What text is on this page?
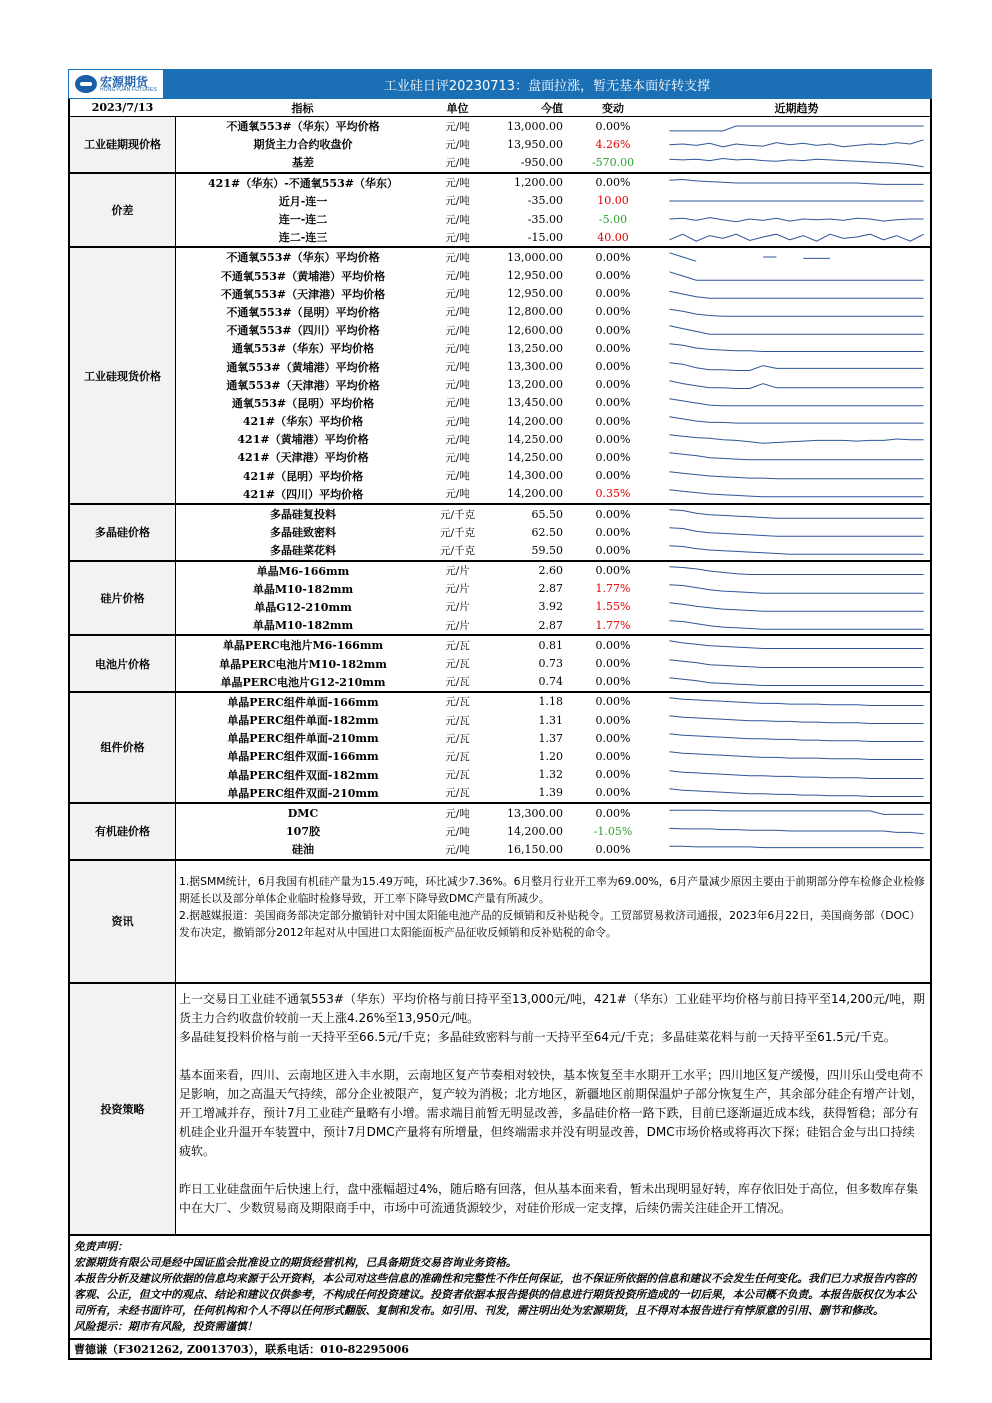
宏源期货
HONGYUAN FUTURES	工业硅日评20230713：盘面拉涨，暂无基本面好转支撑
2023/7/13	指标	单位	今值	变动	近期趋势
工业硅期现价格
不通氧553#（华东）平均价格	元/吨	13,000.00	0.00%
期货主力合约收盘价	元/吨	13,950.00	4.26%
基差	元/吨	-950.00	-570.00
价差
421#（华东）-不通氧553#（华东）	元/吨	1,200.00	0.00%
近月-连一	元/吨	-35.00	10.00
连一-连二	元/吨	-35.00	-5.00
连二-连三	元/吨	-15.00	40.00
工业硅现货价格
不通氧553#（华东）平均价格	元/吨	13,000.00	0.00%
不通氧553#（黄埔港）平均价格	元/吨	12,950.00	0.00%
不通氧553#（天津港）平均价格	元/吨	12,950.00	0.00%
不通氧553#（昆明）平均价格	元/吨	12,800.00	0.00%
不通氧553#（四川）平均价格	元/吨	12,600.00	0.00%
通氧553#（华东）平均价格	元/吨	13,250.00	0.00%
通氧553#（黄埔港）平均价格	元/吨	13,300.00	0.00%
通氧553#（天津港）平均价格	元/吨	13,200.00	0.00%
通氧553#（昆明）平均价格	元/吨	13,450.00	0.00%
421#（华东）平均价格	元/吨	14,200.00	0.00%
421#（黄埔港）平均价格	元/吨	14,250.00	0.00%
421#（天津港）平均价格	元/吨	14,250.00	0.00%
421#（昆明）平均价格	元/吨	14,300.00	0.00%
421#（四川）平均价格	元/吨	14,200.00	0.35%
多晶硅价格
多晶硅复投料	元/千克	65.50	0.00%
多晶硅致密料	元/千克	62.50	0.00%
多晶硅菜花料	元/千克	59.50	0.00%
硅片价格
单晶M6-166mm	元/片	2.60	0.00%
单晶M10-182mm	元/片	2.87	1.77%
单晶G12-210mm	元/片	3.92	1.55%
单晶M10-182mm	元/片	2.87	1.77%
电池片价格
单晶PERC电池片M6-166mm	元/瓦	0.81	0.00%
单晶PERC电池片M10-182mm	元/瓦	0.73	0.00%
单晶PERC电池片G12-210mm	元/瓦	0.74	0.00%
组件价格
单晶PERC组件单面-166mm	元/瓦	1.18	0.00%
单晶PERC组件单面-182mm	元/瓦	1.31	0.00%
单晶PERC组件单面-210mm	元/瓦	1.37	0.00%
单晶PERC组件双面-166mm	元/瓦	1.20	0.00%
单晶PERC组件双面-182mm	元/瓦	1.32	0.00%
单晶PERC组件双面-210mm	元/瓦	1.39	0.00%
有机硅价格
DMC	元/吨	13,300.00	0.00%
107胶	元/吨	14,200.00	-1.05%
硅油	元/吨	16,150.00	0.00%
资讯

1.据SMM统计，6月我国有机硅产量为15.49万吨，环比减少7.36%。6月整月行业开工率为69.00%，6月产量减少原因主要由于前期部分停车检修企业检修期延长以及部分单体企业临时检修导致，开工率下降导致DMC产量有所减少。

2.据越媒报道：美国商务部决定部分撤销针对中国太阳能电池产品的反倾销和反补贴税令。工贸部贸易救济司通报，2023年6月22日，美国商务部（DOC）发布决定，撤销部分2012年起对从中国进口太阳能面板产品征收反倾销和反补贴税的命令。

投资策略

上一交易日工业硅不通氧553#（华东）平均价格与前日持平至13,000元/吨，421#（华东）工业硅平均价格与前日持平至14,200元/吨，期货主力合约收盘价较前一天上涨4.26%至13,950元/吨。

多晶硅复投料价格与前一天持平至66.5元/千克；多晶硅致密料与前一天持平至64元/千克；多晶硅菜花料与前一天持平至61.5元/千克。

基本面来看，四川、云南地区进入丰水期，云南地区复产节奏相对较快，基本恢复至丰水期开工水平；四川地区复产缓慢，四川乐山受电荷不足影响，加之高温天气持续，部分企业被限产，复产较为消极；北方地区，新疆地区前期保温炉子部分恢复生产，其余部分硅企有增产计划，开工增减并存，预计7月工业硅产量略有小增。需求端目前暂无明显改善，多晶硅价格一路下跌，目前已逐渐逼近成本线，获得暂稳；部分有机硅企业升温开车装置中，预计7月DMC产量将有所增量，但终端需求并没有明显改善，DMC市场价格或将再次下探；硅铝合金与出口持续疲软。

昨日工业硅盘面午后快速上行，盘中涨幅超过4%，随后略有回落，但从基本面来看，暂未出现明显好转，库存依旧处于高位，但多数库存集中在大厂、少数贸易商及期限商手中，市场中可流通货源较少，对硅价形成一定支撑，后续仍需关注硅企开工情况。

免责声明：

宏源期货有限公司是经中国证监会批准设立的期货经营机构，已具备期货交易咨询业务资格。

本报告分析及建议所依据的信息均来源于公开资料，本公司对这些信息的准确性和完整性不作任何保证，也不保证所依据的信息和建议不会发生任何变化。我们已力求报告内容的客观、公正，但文中的观点、结论和建议仅供参考，不构成任何投资建议。投资者依据本报告提供的信息进行期货投资所造成的一切后果，本公司概不负责。本报告版权仅为本公司所有，未经书面许可，任何机构和个人不得以任何形式翻版、复制和发布。如引用、刊发，需注明出处为宏源期货，且不得对本报告进行有悖原意的引用、删节和修改。

风险提示：期市有风险，投资需谨慎！

曹德谦（F3021262, Z0013703），联系电话：010-82295006
